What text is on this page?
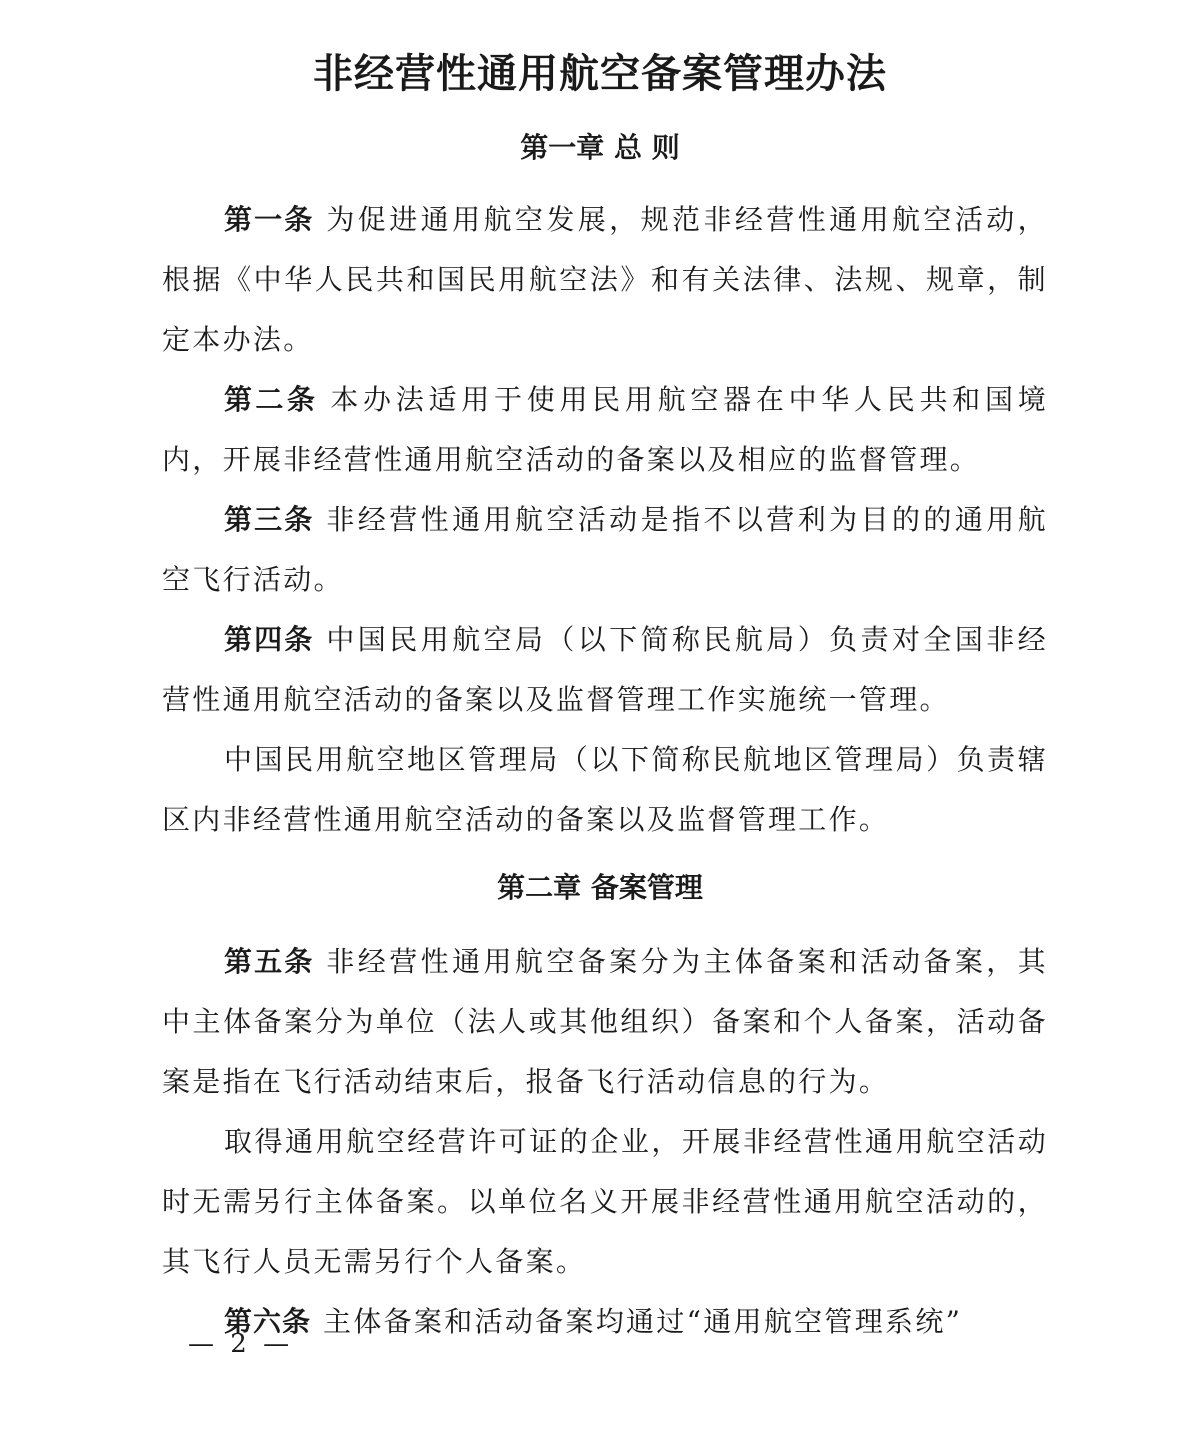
非经营性通用航空备案管理办法
第一章 总 则

第一条 为促进通用航空发展，规范非经营性通用航空活动，根据《中华人民共和国民用航空法》和有关法律、法规、规章，制定本办法。

第二条 本办法适用于使用民用航空器在中华人民共和国境内，开展非经营性通用航空活动的备案以及相应的监督管理。

第三条 非经营性通用航空活动是指不以营利为目的的通用航空飞行活动。

第四条 中国民用航空局（以下简称民航局）负责对全国非经营性通用航空活动的备案以及监督管理工作实施统一管理。

中国民用航空地区管理局（以下简称民航地区管理局）负责辖区内非经营性通用航空活动的备案以及监督管理工作。

第二章 备案管理

第五条 非经营性通用航空备案分为主体备案和活动备案，其中主体备案分为单位（法人或其他组织）备案和个人备案，活动备案是指在飞行活动结束后，报备飞行活动信息的行为。

取得通用航空经营许可证的企业，开展非经营性通用航空活动时无需另行主体备案。以单位名义开展非经营性通用航空活动的，其飞行人员无需另行个人备案。

第六条 主体备案和活动备案均通过“通用航空管理系统”

— 2 —
